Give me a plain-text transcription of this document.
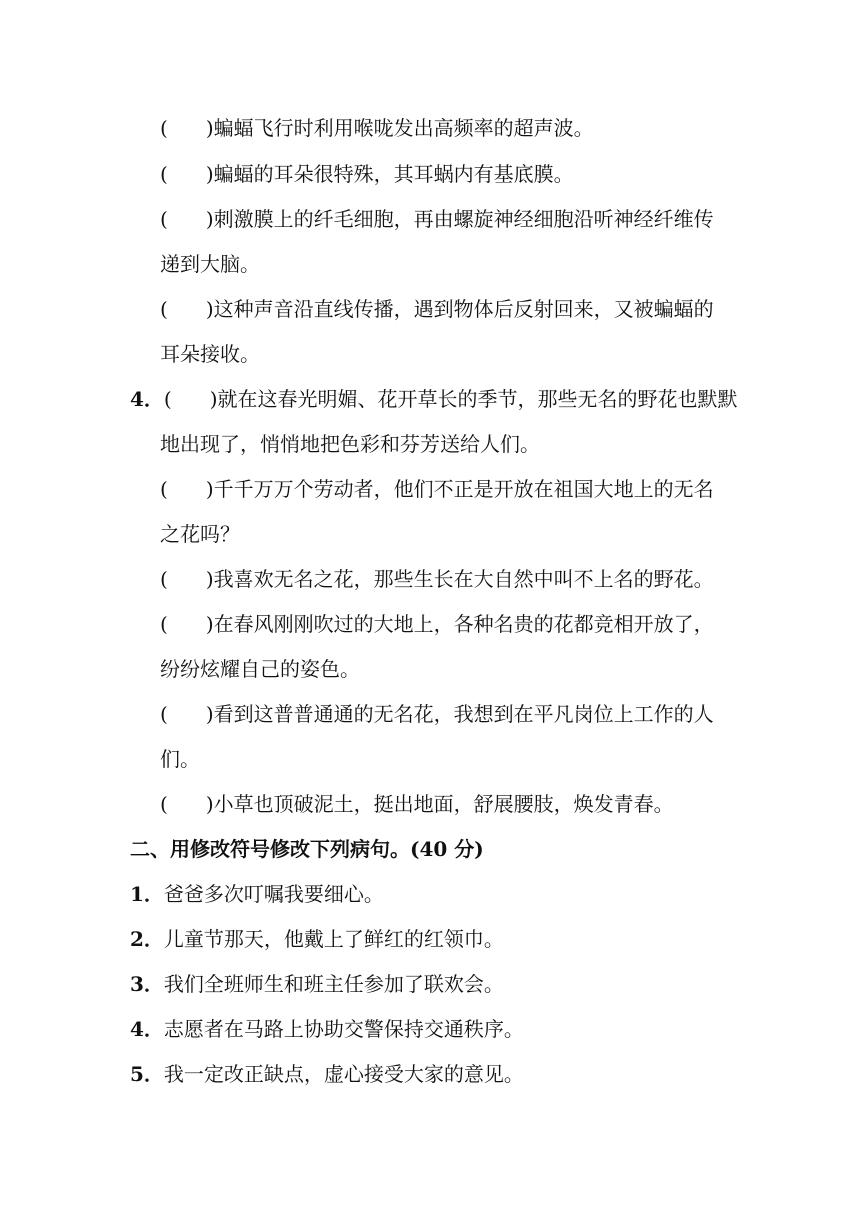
( )蝙蝠飞行时利用喉咙发出高频率的超声波。
( )蝙蝠的耳朵很特殊，其耳蜗内有基底膜。
( )刺激膜上的纤毛细胞，再由螺旋神经细胞沿听神经纤维传
递到大脑。
( )这种声音沿直线传播，遇到物体后反射回来，又被蝙蝠的
耳朵接收。
4．( )就在这春光明媚、花开草长的季节，那些无名的野花也默默
地出现了，悄悄地把色彩和芬芳送给人们。
( )千千万万个劳动者，他们不正是开放在祖国大地上的无名
之花吗？
( )我喜欢无名之花，那些生长在大自然中叫不上名的野花。
( )在春风刚刚吹过的大地上，各种名贵的花都竞相开放了，
纷纷炫耀自己的姿色。
( )看到这普普通通的无名花，我想到在平凡岗位上工作的人
们。
( )小草也顶破泥土，挺出地面，舒展腰肢，焕发青春。
二、用修改符号修改下列病句。(40 分)
1．爸爸多次叮嘱我要细心。
2．儿童节那天，他戴上了鲜红的红领巾。
3．我们全班师生和班主任参加了联欢会。
4．志愿者在马路上协助交警保持交通秩序。
5．我一定改正缺点，虚心接受大家的意见。
